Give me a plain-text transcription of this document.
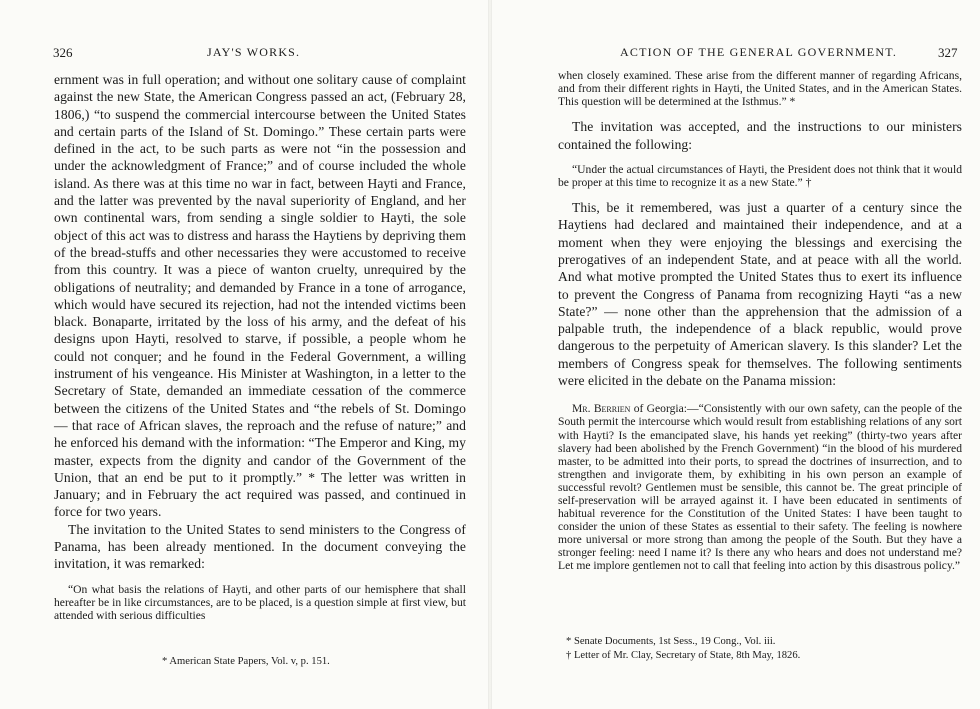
326	JAY'S WORKS.

ernment was in full operation; and without one solitary cause of complaint against the new State, the American Congress passed an act, (February 28, 1806,) “to suspend the commercial intercourse between the United States and certain parts of the Island of St. Domingo.” These certain parts were defined in the act, to be such parts as were not “in the possession and under the acknowledgment of France;” and of course included the whole island. As there was at this time no war in fact, between Hayti and France, and the latter was prevented by the naval superiority of England, and her own continental wars, from sending a single soldier to Hayti, the sole object of this act was to distress and harass the Haytiens by depriving them of the bread-stuffs and other necessaries they were accustomed to receive from this country. It was a piece of wanton cruelty, unrequired by the obligations of neutrality; and demanded by France in a tone of arrogance, which would have secured its rejection, had not the intended victims been black. Bonaparte, irritated by the loss of his army, and the defeat of his designs upon Hayti, resolved to starve, if possible, a people whom he could not conquer; and he found in the Federal Government, a willing instrument of his vengeance. His Minister at Washington, in a letter to the Secretary of State, demanded an immediate cessation of the commerce between the citizens of the United States and “the rebels of St. Domingo — that race of African slaves, the reproach and the refuse of nature;” and he enforced his demand with the information: “The Emperor and King, my master, expects from the dignity and candor of the Government of the Union, that an end be put to it promptly.” * The letter was written in January; and in February the act required was passed, and continued in force for two years.

The invitation to the United States to send ministers to the Congress of Panama, has been already mentioned. In the document conveying the invitation, it was remarked:

“On what basis the relations of Hayti, and other parts of our hemisphere that shall hereafter be in like circumstances, are to be placed, is a question simple at first view, but attended with serious difficulties

* American State Papers, Vol. v, p. 151.
ACTION OF THE GENERAL GOVERNMENT.	327

when closely examined. These arise from the different manner of regarding Africans, and from their different rights in Hayti, the United States, and in the American States. This question will be determined at the Isthmus.” *

The invitation was accepted, and the instructions to our ministers contained the following:

“Under the actual circumstances of Hayti, the President does not think that it would be proper at this time to recognize it as a new State.” †

This, be it remembered, was just a quarter of a century since the Haytiens had declared and maintained their independence, and at a moment when they were enjoying the blessings and exercising the prerogatives of an independent State, and at peace with all the world. And what motive prompted the United States thus to exert its influence to prevent the Congress of Panama from recognizing Hayti “as a new State?” — none other than the apprehension that the admission of a palpable truth, the independence of a black republic, would prove dangerous to the perpetuity of American slavery. Is this slander? Let the members of Congress speak for themselves. The following sentiments were elicited in the debate on the Panama mission:

Mr. Berrien of Georgia:—“Consistently with our own safety, can the people of the South permit the intercourse which would result from establishing relations of any sort with Hayti? Is the emancipated slave, his hands yet reeking” (thirty-two years after slavery had been abolished by the French Government) “in the blood of his murdered master, to be admitted into their ports, to spread the doctrines of insurrection, and to strengthen and invigorate them, by exhibiting in his own person an example of successful revolt? Gentlemen must be sensible, this cannot be. The great principle of self-preservation will be arrayed against it. I have been educated in sentiments of habitual reverence for the Constitution of the United States: I have been taught to consider the union of these States as essential to their safety. The feeling is nowhere more universal or more strong than among the people of the South. But they have a stronger feeling: need I name it? Is there any who hears and does not understand me? Let me implore gentlemen not to call that feeling into action by this disastrous policy.”

* Senate Documents, 1st Sess., 19 Cong., Vol. iii.
† Letter of Mr. Clay, Secretary of State, 8th May, 1826.
